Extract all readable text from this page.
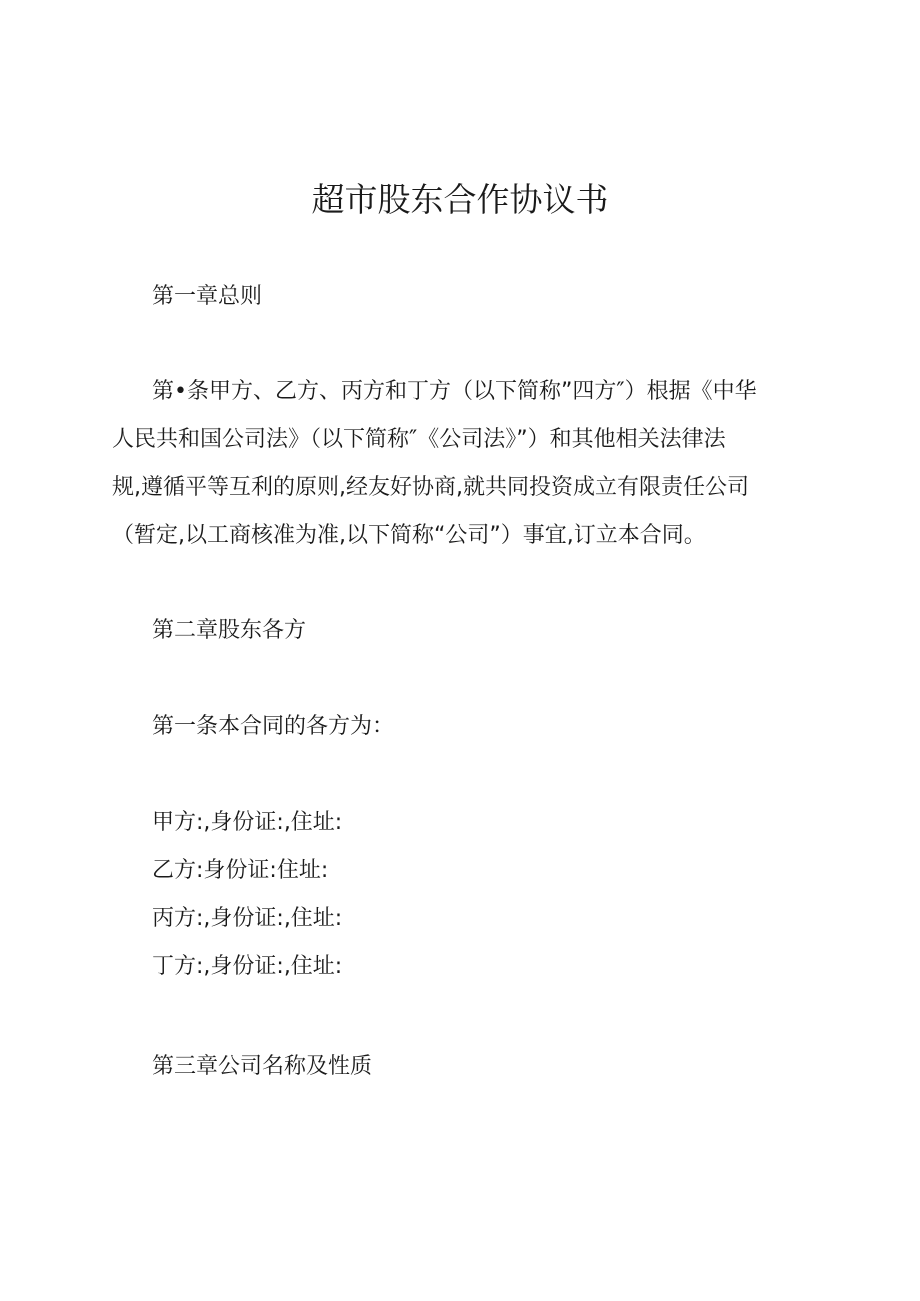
超市股东合作协议书
第一章总则
第•条甲方、乙方、丙方和丁方（以下简称”四方″）根据《中华
人民共和国公司法》（以下简称″《公司法》”）和其他相关法律法
规,遵循平等互利的原则,经友好协商,就共同投资成立有限责任公司
（暂定,以工商核准为准,以下简称“公司”）事宜,订立本合同。
第二章股东各方
第一条本合同的各方为：
甲方:,身份证:,住址:
乙方:身份证:住址:
丙方:,身份证:,住址:
丁方:,身份证:,住址:
第三章公司名称及性质
